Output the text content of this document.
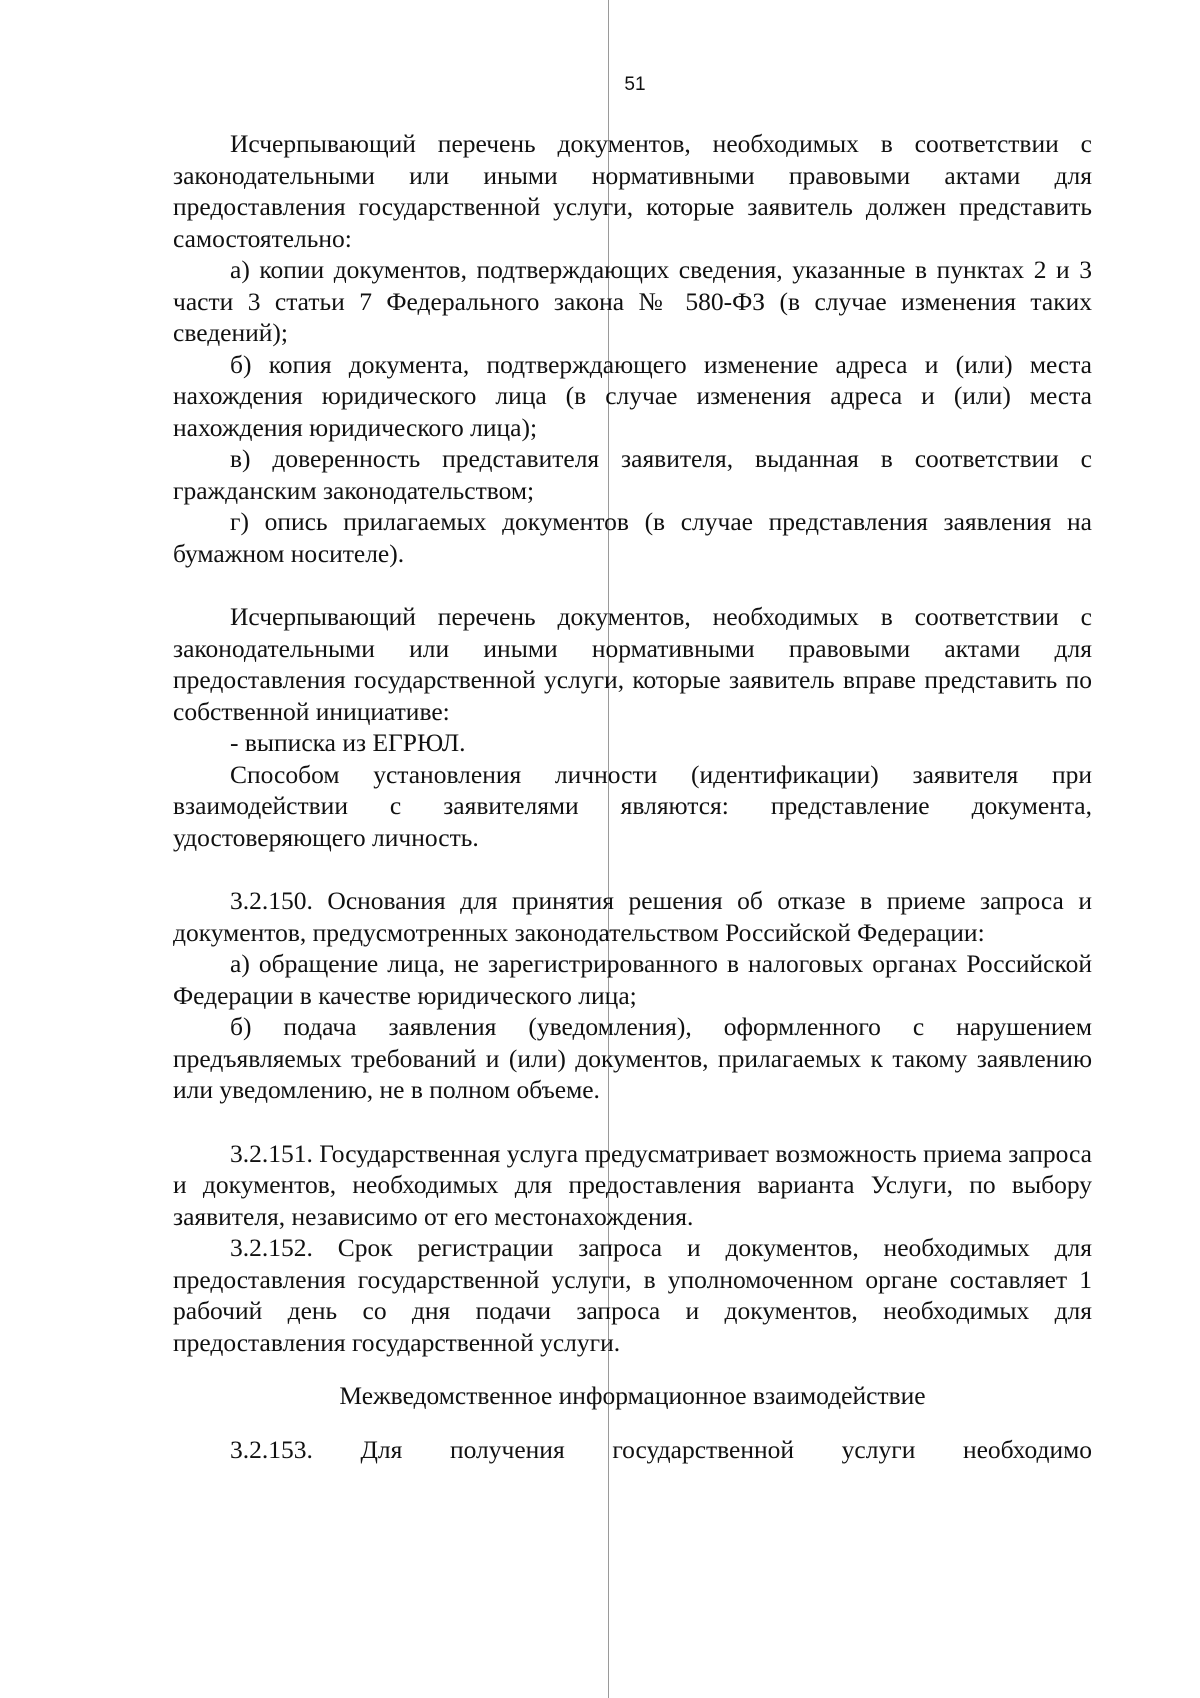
51

Исчерпывающий перечень документов, необходимых в соответствии с законодательными или иными нормативными правовыми актами для предоставления государственной услуги, которые заявитель должен представить самостоятельно:

а) копии документов, подтверждающих сведения, указанные в пунктах 2 и 3 части 3 статьи 7 Федерального закона № 580-ФЗ (в случае изменения таких сведений);

б) копия документа, подтверждающего изменение адреса и (или) места нахождения юридического лица (в случае изменения адреса и (или) места нахождения юридического лица);

в) доверенность представителя заявителя, выданная в соответствии с гражданским законодательством;

г) опись прилагаемых документов (в случае представления заявления на бумажном носителе).

Исчерпывающий перечень документов, необходимых в соответствии с законодательными или иными нормативными правовыми актами для предоставления государственной услуги, которые заявитель вправе представить по собственной инициативе:

- выписка из ЕГРЮЛ.

Способом установления личности (идентификации) заявителя при взаимодействии с заявителями являются: представление документа, удостоверяющего личность.

3.2.150. Основания для принятия решения об отказе в приеме запроса и документов, предусмотренных законодательством Российской Федерации:

а) обращение лица, не зарегистрированного в налоговых органах Российской Федерации в качестве юридического лица;

б) подача заявления (уведомления), оформленного с нарушением предъявляемых требований и (или) документов, прилагаемых к такому заявлению или уведомлению, не в полном объеме.

3.2.151. Государственная услуга предусматривает возможность приема запроса и документов, необходимых для предоставления варианта Услуги, по выбору заявителя, независимо от его местонахождения.

3.2.152. Срок регистрации запроса и документов, необходимых для предоставления государственной услуги, в уполномоченном органе составляет 1 рабочий день со дня подачи запроса и документов, необходимых для предоставления государственной услуги.

Межведомственное информационное взаимодействие

3.2.153. Для получения государственной услуги необходимо
